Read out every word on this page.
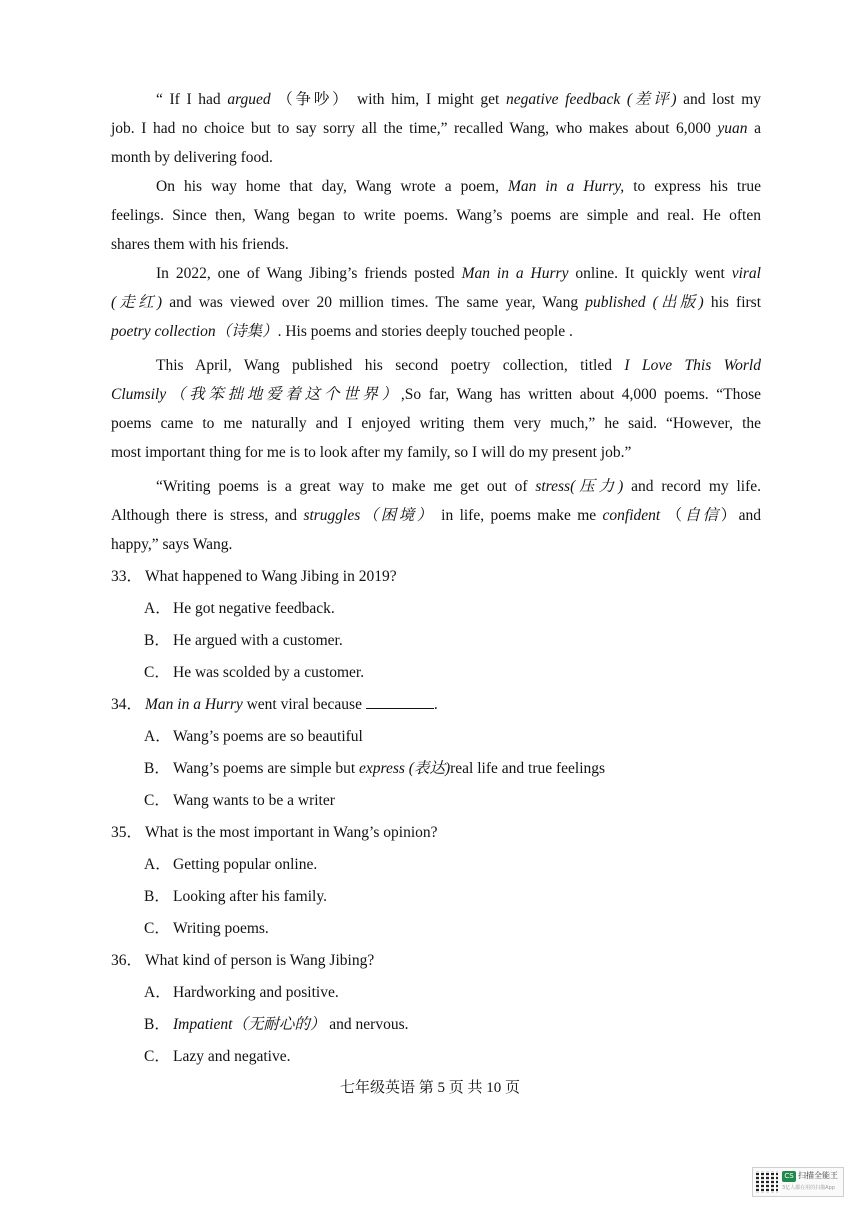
“ If I had argued （争吵） with him, I might get negative feedback (差评) and lost my
job. I had no choice but to say sorry all the time,” recalled Wang, who makes about 6,000 yuan a
month by delivering food.
On his way home that day, Wang wrote a poem, Man in a Hurry, to express his true
feelings. Since then, Wang began to write poems. Wang’s poems are simple and real. He often
shares them with his friends.
In 2022, one of Wang Jibing’s friends posted Man in a Hurry online. It quickly went viral
(走红) and was viewed over 20 million times. The same year, Wang published (出版) his first
poetry collection（诗集）. His poems and stories deeply touched people .
This April, Wang published his second poetry collection, titled I Love This World
Clumsily（我笨拙地爱着这个世界）,So far, Wang has written about 4,000 poems. “Those
poems came to me naturally and I enjoyed writing them very much,” he said. “However, the
most important thing for me is to look after my family, so I will do my present job.”
“Writing poems is a great way to make me get out of stress(压力) and record my life.
Although there is stress, and struggles（困境） in life, poems make me confident （自信）and
happy,” says Wang.
33． What happened to Wang Jibing in 2019?
A． He got negative feedback.
B． He argued with a customer.
C． He was scolded by a customer.
34． Man in a Hurry went viral because	.
A． Wang’s poems are so beautiful
B． Wang’s poems are simple but express (表达)real life and true feelings
C． Wang wants to be a writer
35． What is the most important in Wang’s opinion?
A． Getting popular online.
B． Looking after his family.
C． Writing poems.
36． What kind of person is Wang Jibing?
A． Hardworking and positive.
B． Impatient（无耐心的） and nervous.
C． Lazy and negative.
七年级英语 第 5 页 共 10 页
CS 扫描全能王
3亿人都在用的扫描App
